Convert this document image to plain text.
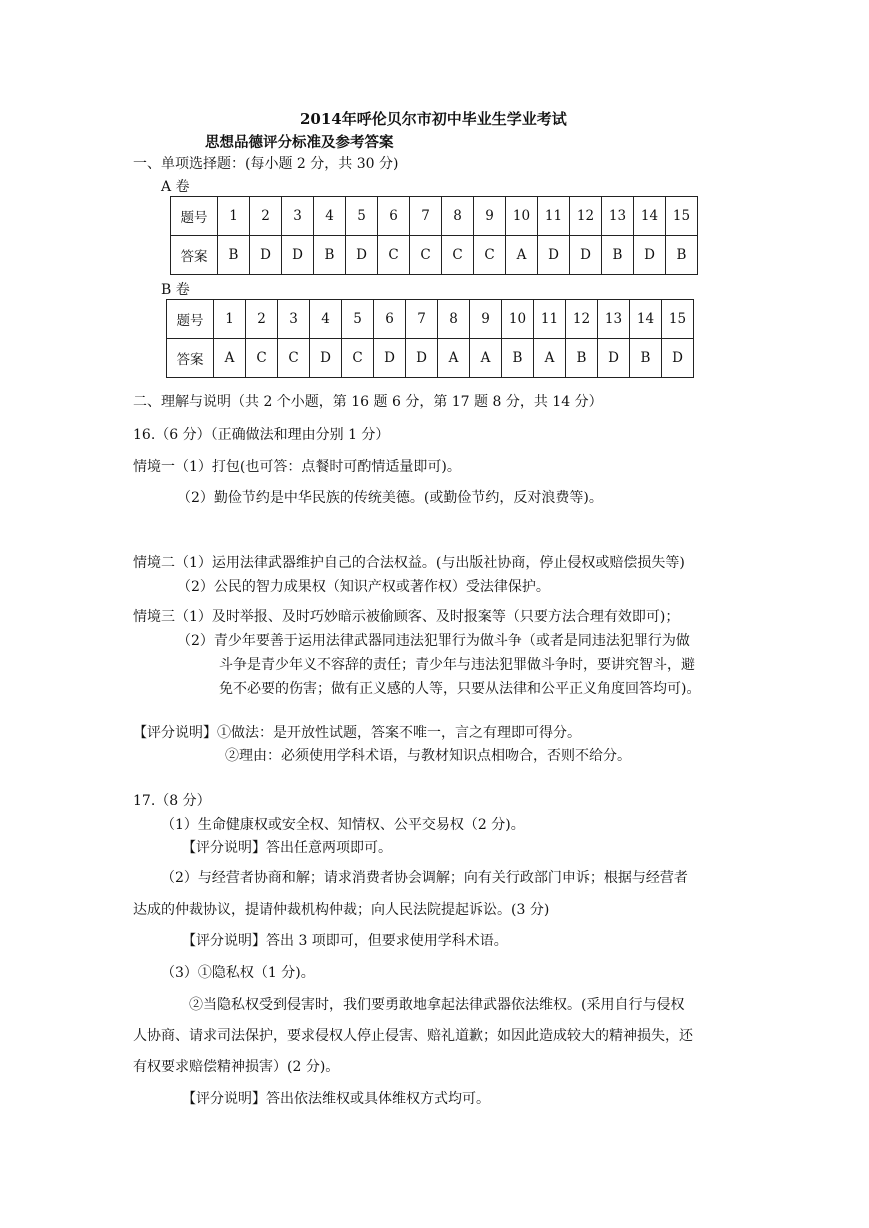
2014年呼伦贝尔市初中毕业生学业考试
思想品德评分标准及参考答案
一、单项选择题：(每小题 2 分，共 30 分)
A 卷
题号	1	2	3	4	5	6	7	8	9	10	11	12	13	14	15
答案	B	D	D	B	D	C	C	C	C	A	D	D	B	D	B
B 卷
题号	1	2	3	4	5	6	7	8	9	10	11	12	13	14	15
答案	A	C	C	D	C	D	D	A	A	B	A	B	D	B	D
二、理解与说明（共 2 个小题，第 16 题 6 分，第 17 题 8 分，共 14 分）
16.（6 分）（正确做法和理由分别 1 分）
情境一（1）打包(也可答：点餐时可酌情适量即可)。
（2）勤俭节约是中华民族的传统美德。(或勤俭节约，反对浪费等)。
情境二（1）运用法律武器维护自己的合法权益。(与出版社协商，停止侵权或赔偿损失等)
（2）公民的智力成果权（知识产权或著作权）受法律保护。
情境三（1）及时举报、及时巧妙暗示被偷顾客、及时报案等（只要方法合理有效即可)；
（2）青少年要善于运用法律武器同违法犯罪行为做斗争（或者是同违法犯罪行为做
斗争是青少年义不容辞的责任；青少年与违法犯罪做斗争时，要讲究智斗，避
免不必要的伤害；做有正义感的人等，只要从法律和公平正义角度回答均可)。
【评分说明】①做法：是开放性试题，答案不唯一，言之有理即可得分。
②理由：必须使用学科术语，与教材知识点相吻合，否则不给分。
17.（8 分）
（1）生命健康权或安全权、知情权、公平交易权（2 分)。
【评分说明】答出任意两项即可。
（2）与经营者协商和解；请求消费者协会调解；向有关行政部门申诉；根据与经营者
达成的仲裁协议，提请仲裁机构仲裁；向人民法院提起诉讼。(3 分)
【评分说明】答出 3 项即可，但要求使用学科术语。
（3）①隐私权（1 分)。
②当隐私权受到侵害时，我们要勇敢地拿起法律武器依法维权。(采用自行与侵权
人协商、请求司法保护，要求侵权人停止侵害、赔礼道歉；如因此造成较大的精神损失，还
有权要求赔偿精神损害）(2 分)。
【评分说明】答出依法维权或具体维权方式均可。
